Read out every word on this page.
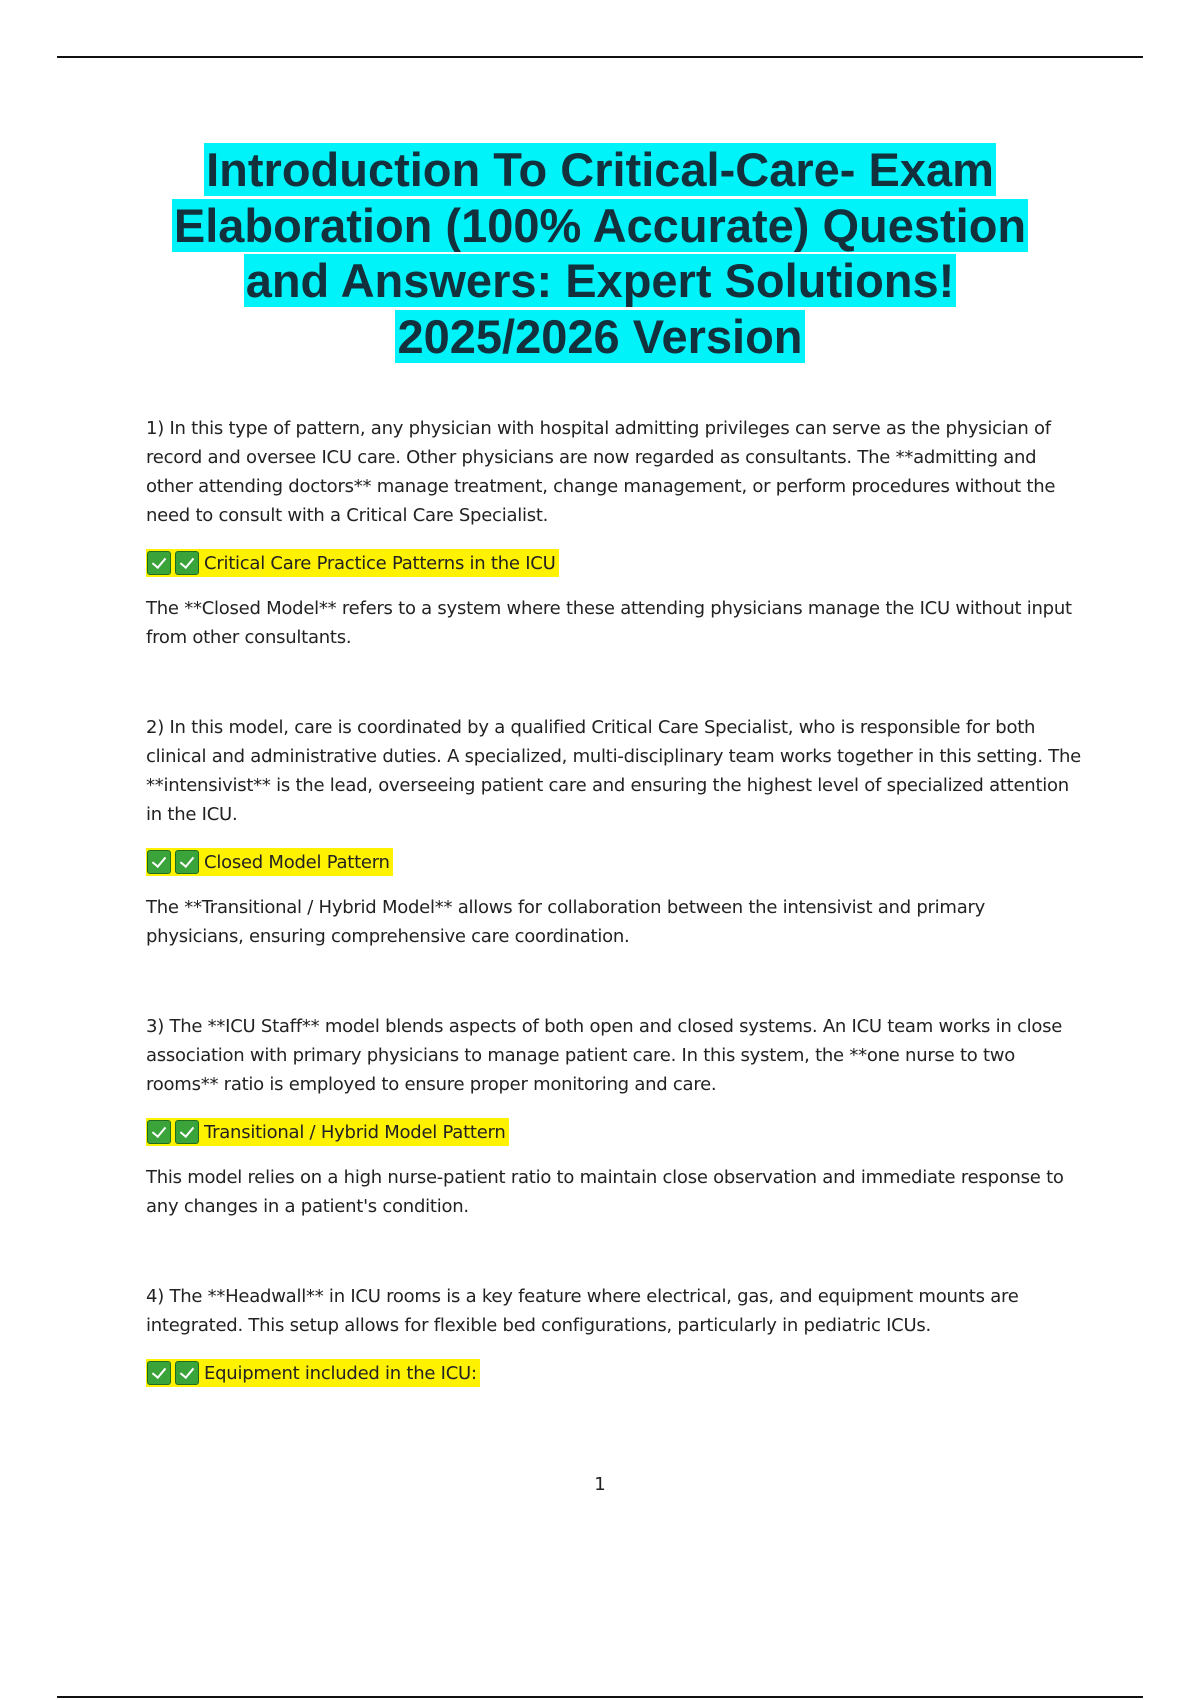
Introduction To Critical-Care- Exam
Elaboration (100% Accurate) Question
and Answers: Expert Solutions!
2025/2026 Version

1) In this type of pattern, any physician with hospital admitting privileges can serve as the physician of record and oversee ICU care. Other physicians are now regarded as consultants. The **admitting and other attending doctors** manage treatment, change management, or perform procedures without the need to consult with a Critical Care Specialist.

Critical Care Practice Patterns in the ICU

The **Closed Model** refers to a system where these attending physicians manage the ICU without input from other consultants.

2) In this model, care is coordinated by a qualified Critical Care Specialist, who is responsible for both clinical and administrative duties. A specialized, multi-disciplinary team works together in this setting. The **intensivist** is the lead, overseeing patient care and ensuring the highest level of specialized attention in the ICU.

Closed Model Pattern

The **Transitional / Hybrid Model** allows for collaboration between the intensivist and primary physicians, ensuring comprehensive care coordination.

3) The **ICU Staff** model blends aspects of both open and closed systems. An ICU team works in close association with primary physicians to manage patient care. In this system, the **one nurse to two rooms** ratio is employed to ensure proper monitoring and care.

Transitional / Hybrid Model Pattern

This model relies on a high nurse-patient ratio to maintain close observation and immediate response to any changes in a patient's condition.

4) The **Headwall** in ICU rooms is a key feature where electrical, gas, and equipment mounts are integrated. This setup allows for flexible bed configurations, particularly in pediatric ICUs.

Equipment included in the ICU:
1
